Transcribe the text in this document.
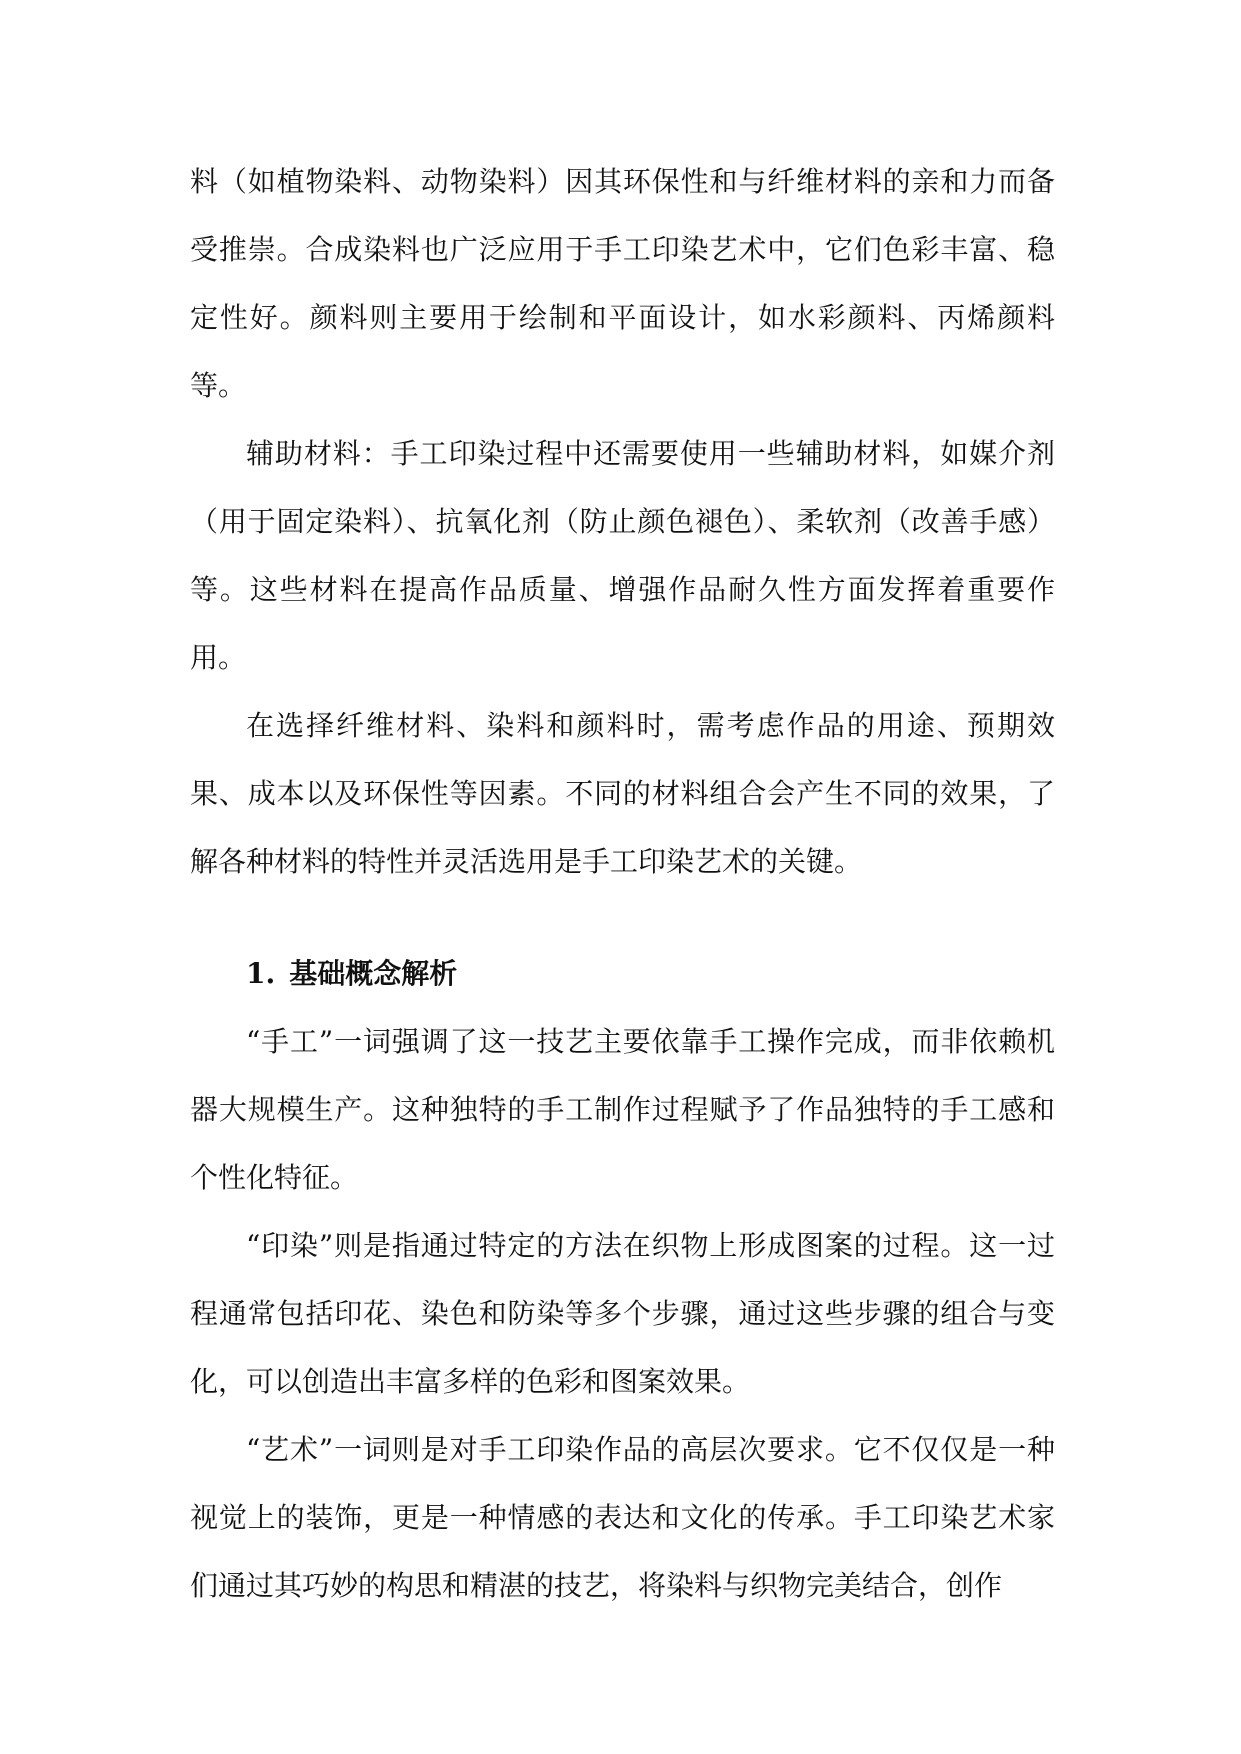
料（如植物染料、动物染料）因其环保性和与纤维材料的亲和力而备受推崇。合成染料也广泛应用于手工印染艺术中，它们色彩丰富、稳定性好。颜料则主要用于绘制和平面设计，如水彩颜料、丙烯颜料等。

辅助材料：手工印染过程中还需要使用一些辅助材料，如媒介剂（用于固定染料）、抗氧化剂（防止颜色褪色）、柔软剂（改善手感）等。这些材料在提高作品质量、增强作品耐久性方面发挥着重要作用。

在选择纤维材料、染料和颜料时，需考虑作品的用途、预期效果、成本以及环保性等因素。不同的材料组合会产生不同的效果，了解各种材料的特性并灵活选用是手工印染艺术的关键。

1. 基础概念解析

“手工”一词强调了这一技艺主要依靠手工操作完成，而非依赖机器大规模生产。这种独特的手工制作过程赋予了作品独特的手工感和个性化特征。

“印染”则是指通过特定的方法在织物上形成图案的过程。这一过程通常包括印花、染色和防染等多个步骤，通过这些步骤的组合与变化，可以创造出丰富多样的色彩和图案效果。

“艺术”一词则是对手工印染作品的高层次要求。它不仅仅是一种视觉上的装饰，更是一种情感的表达和文化的传承。手工印染艺术家们通过其巧妙的构思和精湛的技艺，将染料与织物完美结合，创作
